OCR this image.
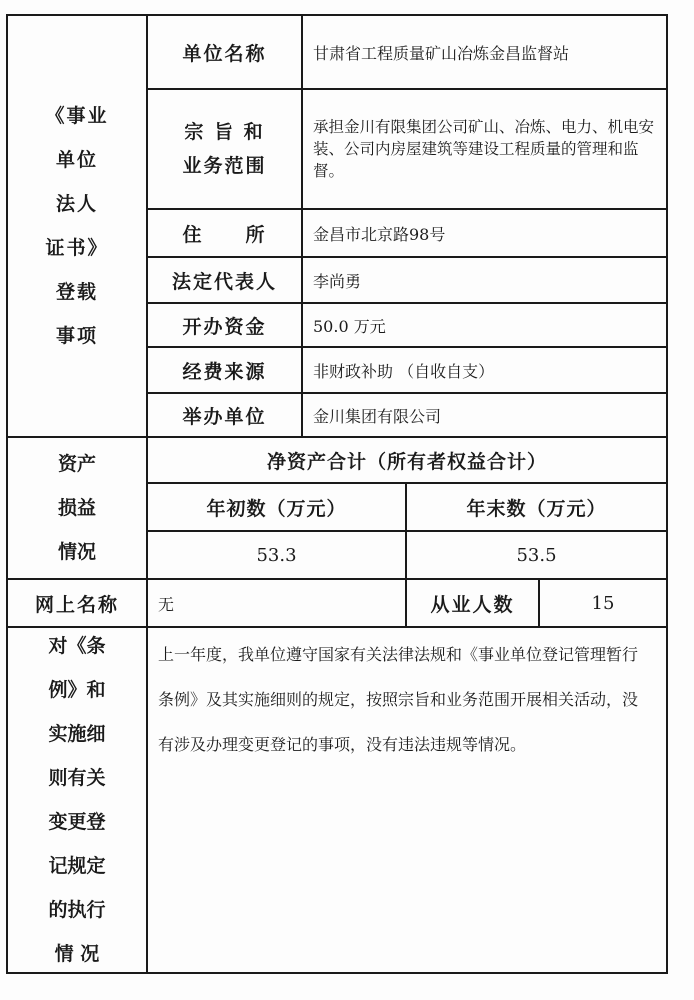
《事业
单位
法人
证书》
登载
事项
单位名称	甘肃省工程质量矿山冶炼金昌监督站
宗 旨 和
业务范围
承担金川有限集团公司矿山、冶炼、电力、机电安装、公司内房屋建筑等建设工程质量的管理和监督。
住　　所	金昌市北京路98号
法定代表人	李尚勇
开办资金	50.0 万元
经费来源	非财政补助 （自收自支）
举办单位	金川集团有限公司
资产
损益
情况
净资产合计（所有者权益合计）
年初数（万元）	年末数（万元）
53.3	53.5
网上名称	无	从业人数	15
对《条
例》和
实施细
则有关
变更登
记规定
的执行
情 况
上一年度，我单位遵守国家有关法律法规和《事业单位登记管理暂行条例》及其实施细则的规定，按照宗旨和业务范围开展相关活动，没有涉及办理变更登记的事项，没有违法违规等情况。
